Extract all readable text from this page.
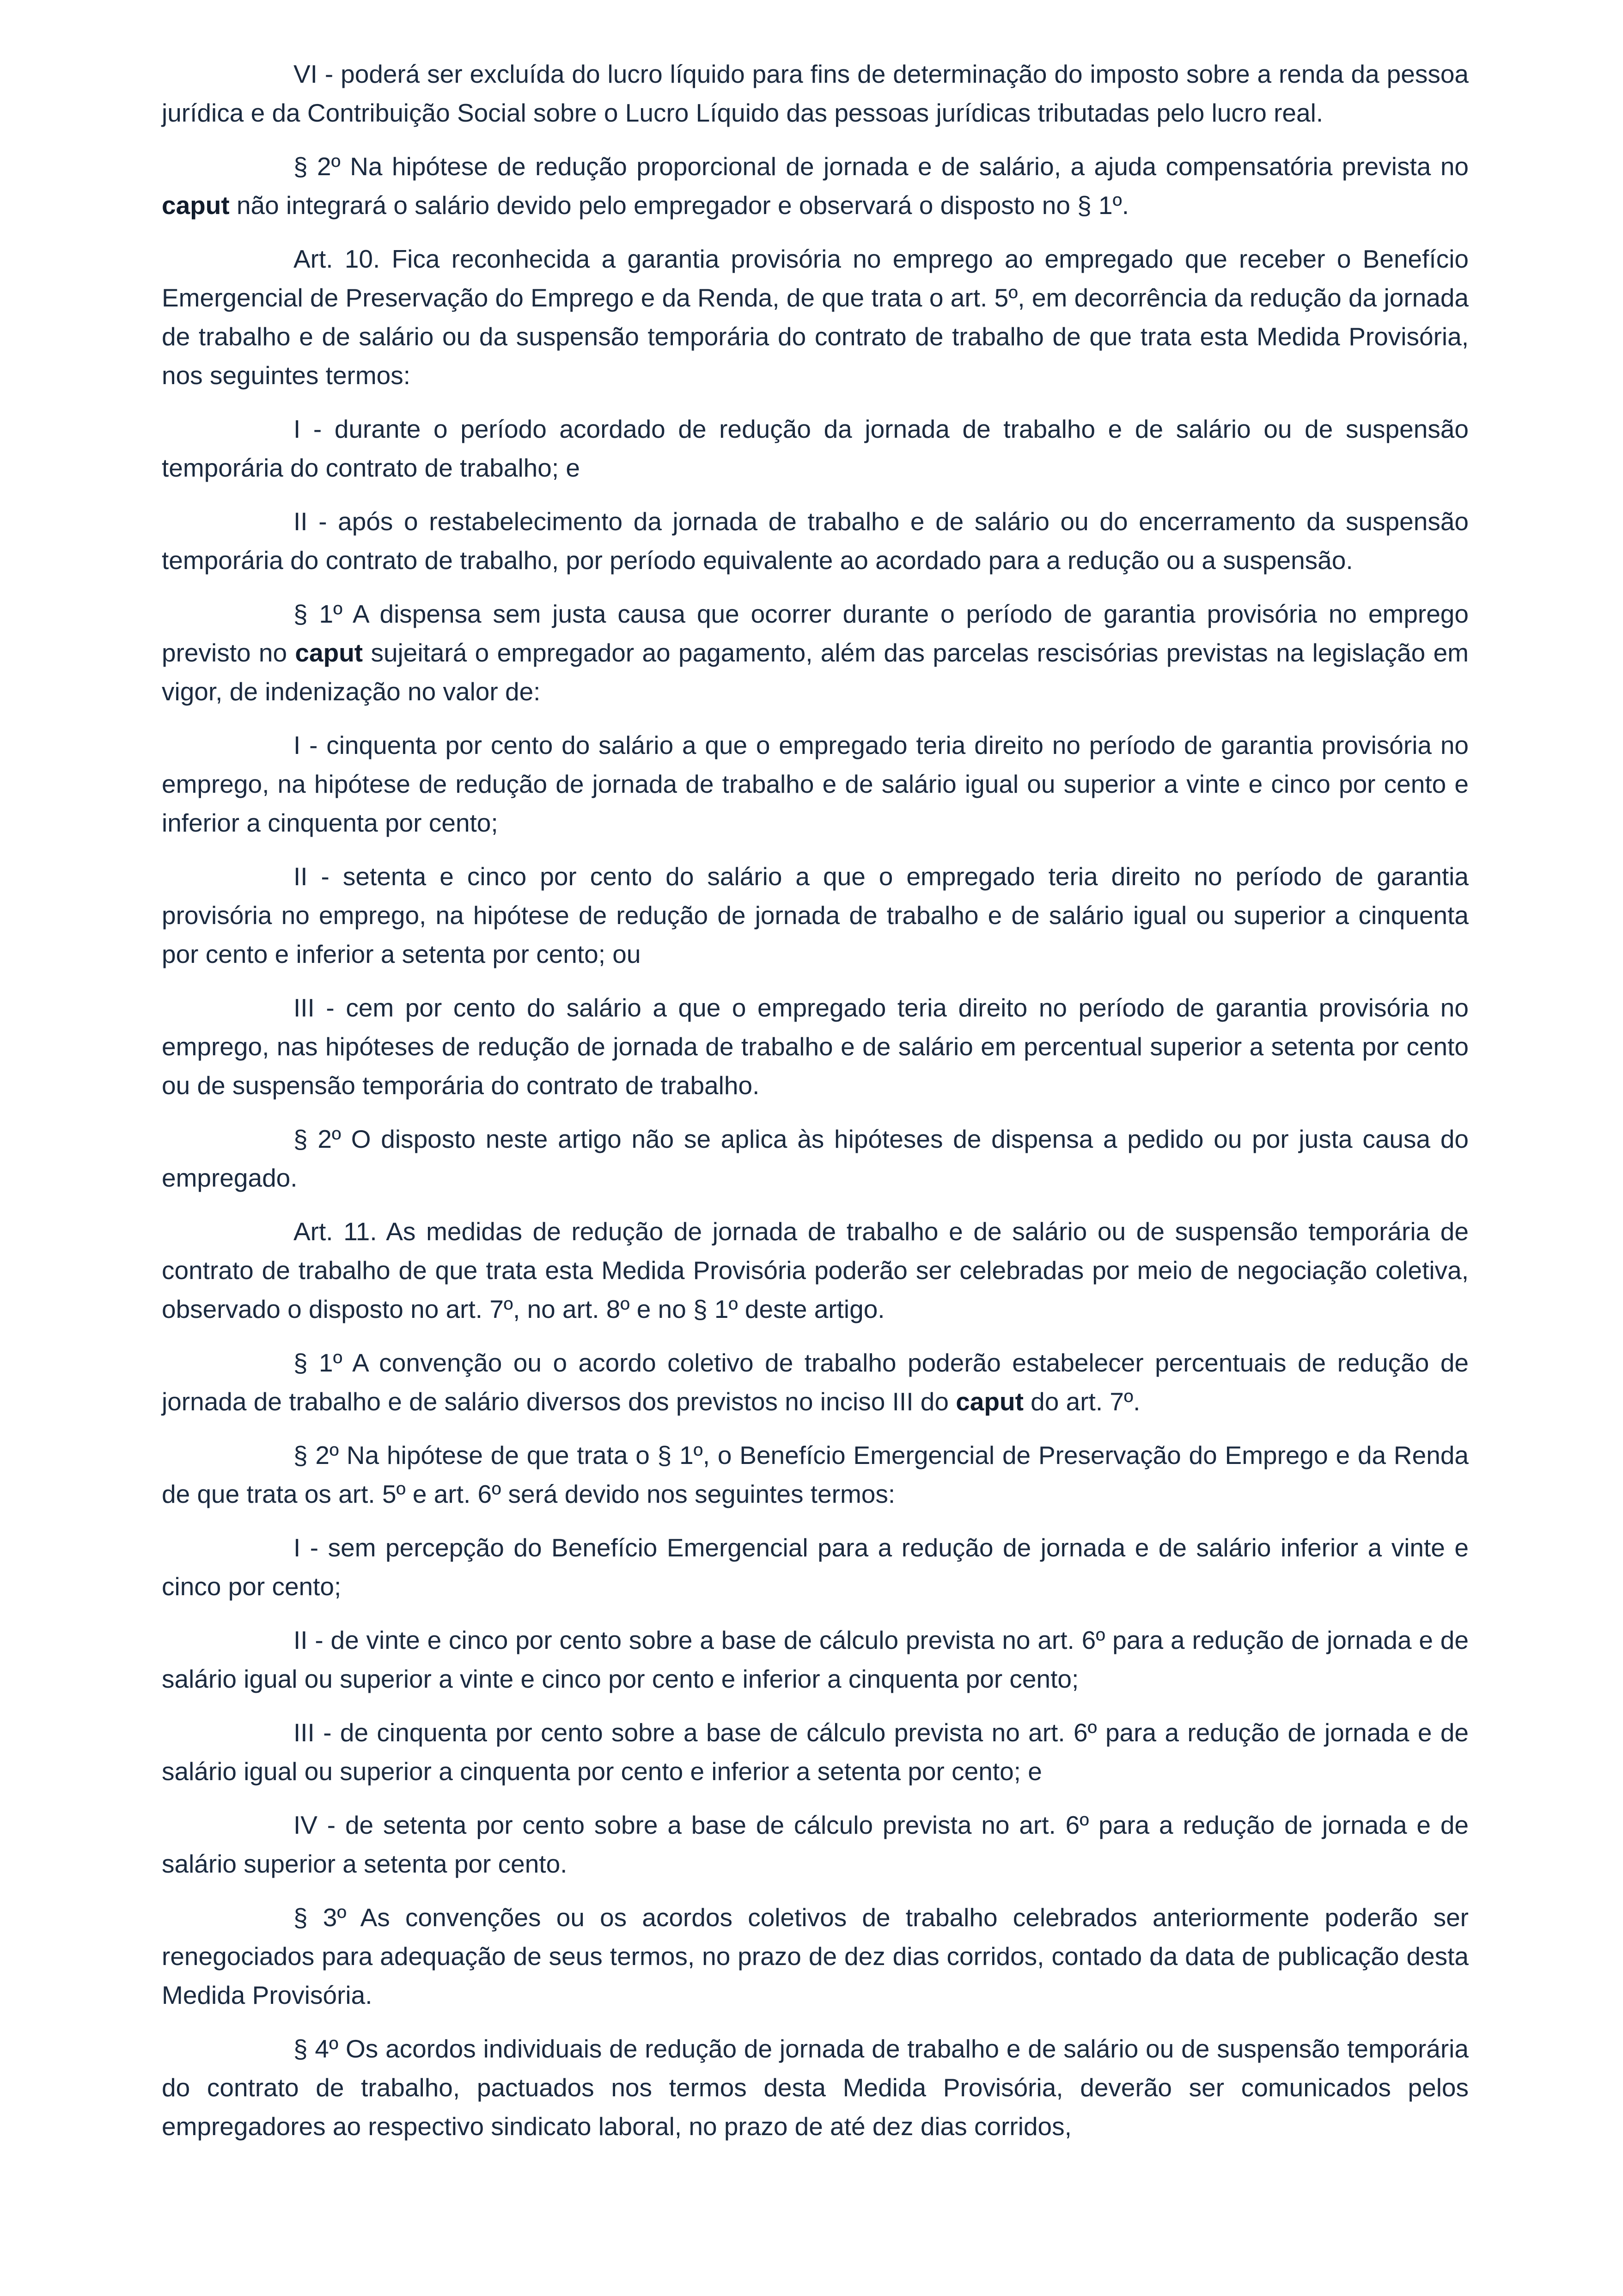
VI - poderá ser excluída do lucro líquido para fins de determinação do imposto sobre a renda da pessoa jurídica e da Contribuição Social sobre o Lucro Líquido das pessoas jurídicas tributadas pelo lucro real.

§ 2º Na hipótese de redução proporcional de jornada e de salário, a ajuda compensatória prevista no caput não integrará o salário devido pelo empregador e observará o disposto no § 1º.

Art. 10. Fica reconhecida a garantia provisória no emprego ao empregado que receber o Benefício Emergencial de Preservação do Emprego e da Renda, de que trata o art. 5º, em decorrência da redução da jornada de trabalho e de salário ou da suspensão temporária do contrato de trabalho de que trata esta Medida Provisória, nos seguintes termos:

I - durante o período acordado de redução da jornada de trabalho e de salário ou de suspensão temporária do contrato de trabalho; e

II - após o restabelecimento da jornada de trabalho e de salário ou do encerramento da suspensão temporária do contrato de trabalho, por período equivalente ao acordado para a redução ou a suspensão.

§ 1º A dispensa sem justa causa que ocorrer durante o período de garantia provisória no emprego previsto no caput sujeitará o empregador ao pagamento, além das parcelas rescisórias previstas na legislação em vigor, de indenização no valor de:

I - cinquenta por cento do salário a que o empregado teria direito no período de garantia provisória no emprego, na hipótese de redução de jornada de trabalho e de salário igual ou superior a vinte e cinco por cento e inferior a cinquenta por cento;

II - setenta e cinco por cento do salário a que o empregado teria direito no período de garantia provisória no emprego, na hipótese de redução de jornada de trabalho e de salário igual ou superior a cinquenta por cento e inferior a setenta por cento; ou

III - cem por cento do salário a que o empregado teria direito no período de garantia provisória no emprego, nas hipóteses de redução de jornada de trabalho e de salário em percentual superior a setenta por cento ou de suspensão temporária do contrato de trabalho.

§ 2º O disposto neste artigo não se aplica às hipóteses de dispensa a pedido ou por justa causa do empregado.

Art. 11. As medidas de redução de jornada de trabalho e de salário ou de suspensão temporária de contrato de trabalho de que trata esta Medida Provisória poderão ser celebradas por meio de negociação coletiva, observado o disposto no art. 7º, no art. 8º e no § 1º deste artigo.

§ 1º A convenção ou o acordo coletivo de trabalho poderão estabelecer percentuais de redução de jornada de trabalho e de salário diversos dos previstos no inciso III do caput do art. 7º.

§ 2º Na hipótese de que trata o § 1º, o Benefício Emergencial de Preservação do Emprego e da Renda de que trata os art. 5º e art. 6º será devido nos seguintes termos:

I - sem percepção do Benefício Emergencial para a redução de jornada e de salário inferior a vinte e cinco por cento;

II - de vinte e cinco por cento sobre a base de cálculo prevista no art. 6º para a redução de jornada e de salário igual ou superior a vinte e cinco por cento e inferior a cinquenta por cento;

III - de cinquenta por cento sobre a base de cálculo prevista no art. 6º para a redução de jornada e de salário igual ou superior a cinquenta por cento e inferior a setenta por cento; e

IV - de setenta por cento sobre a base de cálculo prevista no art. 6º para a redução de jornada e de salário superior a setenta por cento.

§ 3º As convenções ou os acordos coletivos de trabalho celebrados anteriormente poderão ser renegociados para adequação de seus termos, no prazo de dez dias corridos, contado da data de publicação desta Medida Provisória.

§ 4º Os acordos individuais de redução de jornada de trabalho e de salário ou de suspensão temporária do contrato de trabalho, pactuados nos termos desta Medida Provisória, deverão ser comunicados pelos empregadores ao respectivo sindicato laboral, no prazo de até dez dias corridos,
